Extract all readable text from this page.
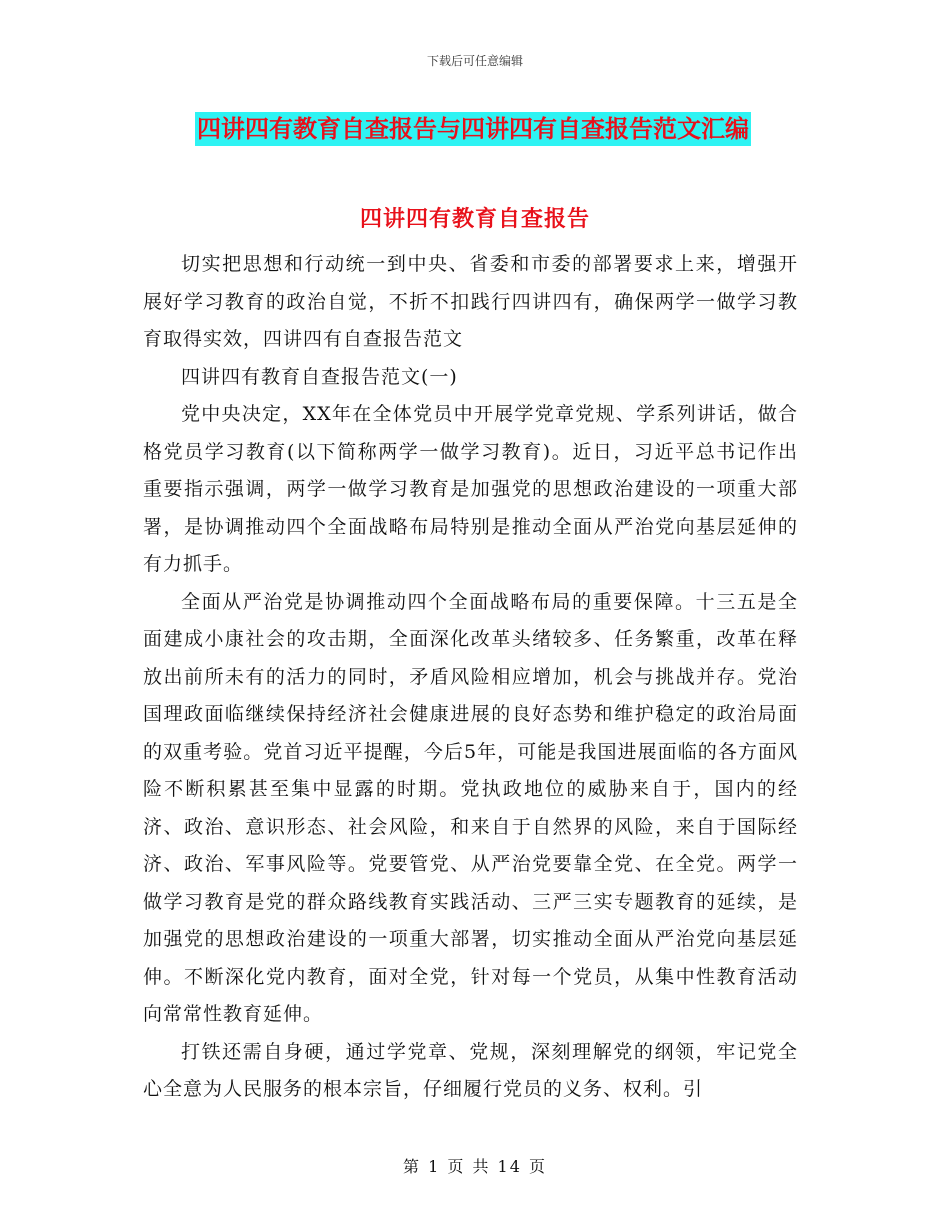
下载后可任意编辑
四讲四有教育自查报告与四讲四有自查报告范文汇编
四讲四有教育自查报告

切实把思想和行动统一到中央、省委和市委的部署要求上来，增强开展好学习教育的政治自觉，不折不扣践行四讲四有，确保两学一做学习教育取得实效，四讲四有自查报告范文

四讲四有教育自查报告范文(一)

党中央决定，XX年在全体党员中开展学党章党规、学系列讲话，做合格党员学习教育(以下简称两学一做学习教育)。近日，习近平总书记作出重要指示强调，两学一做学习教育是加强党的思想政治建设的一项重大部署，是协调推动四个全面战略布局特别是推动全面从严治党向基层延伸的有力抓手。

全面从严治党是协调推动四个全面战略布局的重要保障。十三五是全面建成小康社会的攻击期，全面深化改革头绪较多、任务繁重，改革在释放出前所未有的活力的同时，矛盾风险相应增加，机会与挑战并存。党治国理政面临继续保持经济社会健康进展的良好态势和维护稳定的政治局面的双重考验。党首习近平提醒，今后5年，可能是我国进展面临的各方面风险不断积累甚至集中显露的时期。党执政地位的威胁来自于，国内的经济、政治、意识形态、社会风险，和来自于自然界的风险，来自于国际经济、政治、军事风险等。党要管党、从严治党要靠全党、在全党。两学一做学习教育是党的群众路线教育实践活动、三严三实专题教育的延续，是加强党的思想政治建设的一项重大部署，切实推动全面从严治党向基层延伸。不断深化党内教育，面对全党，针对每一个党员，从集中性教育活动向常常性教育延伸。

打铁还需自身硬，通过学党章、党规，深刻理解党的纲领，牢记党全心全意为人民服务的根本宗旨，仔细履行党员的义务、权利。引

第 1 页 共 14 页
